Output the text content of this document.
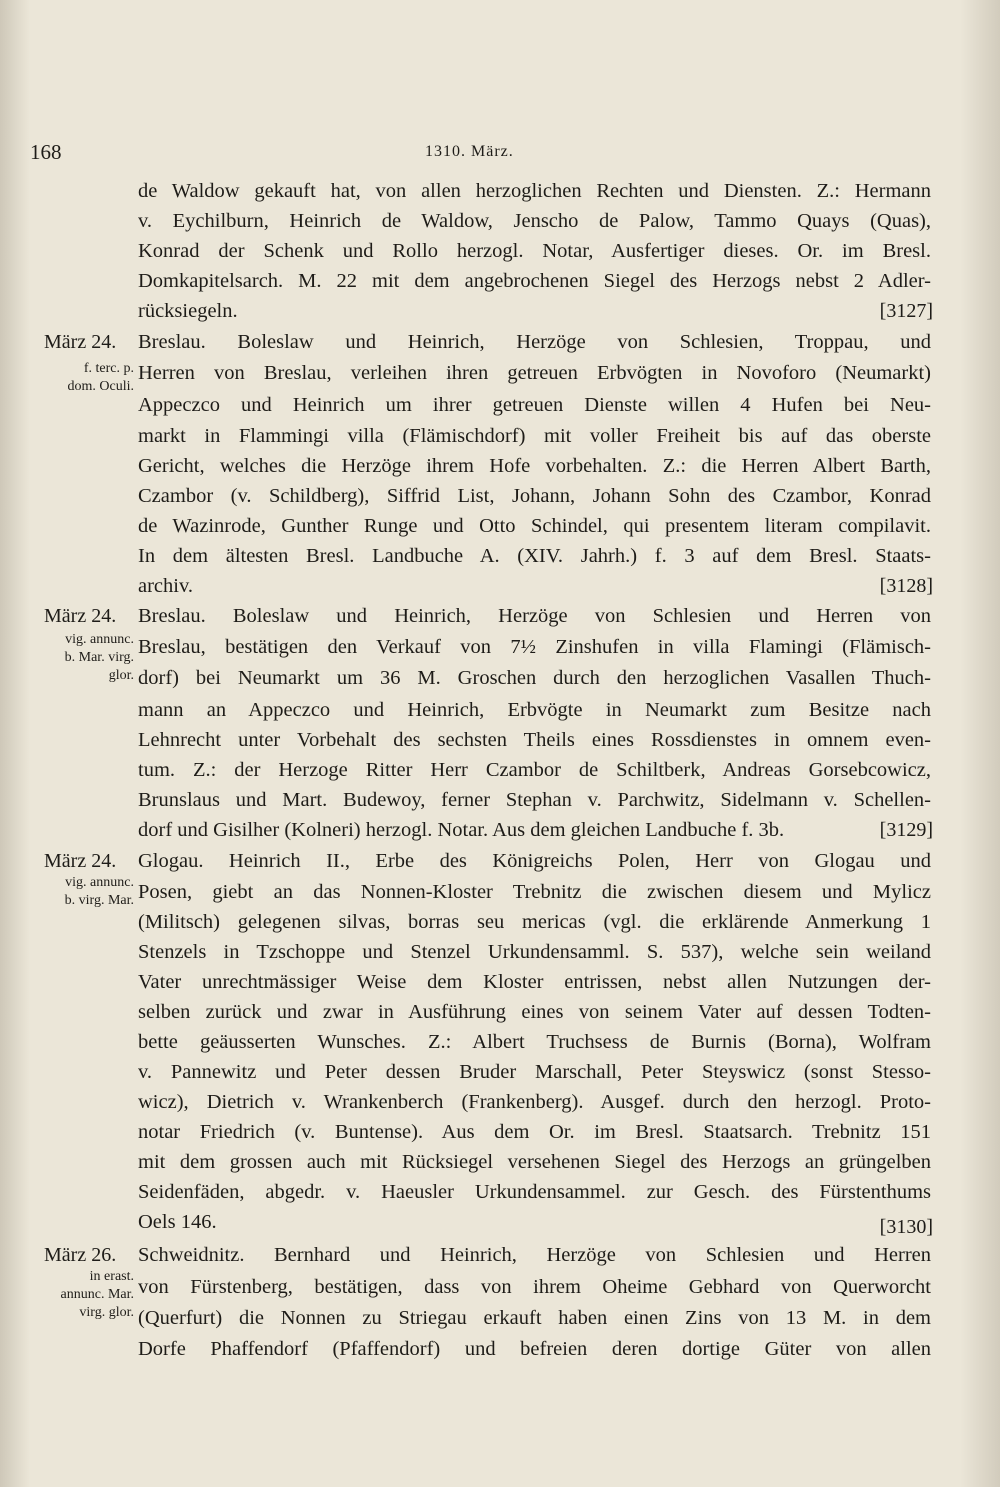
168	1310. März.
de Waldow gekauft hat, von allen herzoglichen Rechten und Diensten. Z.: Hermann
v. Eychilburn, Heinrich de Waldow, Jenscho de Palow, Tammo Quays (Quas),
Konrad der Schenk und Rollo herzogl. Notar, Ausfertiger dieses. Or. im Bresl.
Domkapitelsarch. M. 22 mit dem angebrochenen Siegel des Herzogs nebst 2 Adler-
rücksiegeln.	[3127]
März 24.	Breslau. Boleslaw und Heinrich, Herzöge von Schlesien, Troppau, und
f. terc. p. Herren von Breslau, verleihen ihren getreuen Erbvögten in Novoforo (Neumarkt)
dom. Oculi.
Appeczco und Heinrich um ihrer getreuen Dienste willen 4 Hufen bei Neu-
markt in Flammingi villa (Flämischdorf) mit voller Freiheit bis auf das oberste
Gericht, welches die Herzöge ihrem Hofe vorbehalten. Z.: die Herren Albert Barth,
Czambor (v. Schildberg), Siffrid List, Johann, Johann Sohn des Czambor, Konrad
de Wazinrode, Gunther Runge und Otto Schindel, qui presentem literam compilavit.
In dem ältesten Bresl. Landbuche A. (XIV. Jahrh.) f. 3 auf dem Bresl. Staats-
archiv.	[3128]
März 24.	Breslau. Boleslaw und Heinrich, Herzöge von Schlesien und Herren von
vig. annunc. Breslau, bestätigen den Verkauf von 7½ Zinshufen in villa Flamingi (Flämisch-
b. Mar. virg.
dorf) bei Neumarkt um 36 M. Groschen durch den herzoglichen Vasallen Thuch-
glor.
mann an Appeczco und Heinrich, Erbvögte in Neumarkt zum Besitze nach
Lehnrecht unter Vorbehalt des sechsten Theils eines Rossdienstes in omnem even-
tum. Z.: der Herzoge Ritter Herr Czambor de Schiltberk, Andreas Gorsebcowicz,
Brunslaus und Mart. Budewoy, ferner Stephan v. Parchwitz, Sidelmann v. Schellen-
dorf und Gisilher (Kolneri) herzogl. Notar. Aus dem gleichen Landbuche f. 3b.	[3129]
März 24.	Glogau. Heinrich II., Erbe des Königreichs Polen, Herr von Glogau und
vig. annunc. Posen, giebt an das Nonnen-Kloster Trebnitz die zwischen diesem und Mylicz
b. virg. Mar.
(Militsch) gelegenen silvas, borras seu mericas (vgl. die erklärende Anmerkung 1
Stenzels in Tzschoppe und Stenzel Urkundensamml. S. 537), welche sein weiland
Vater unrechtmässiger Weise dem Kloster entrissen, nebst allen Nutzungen der-
selben zurück und zwar in Ausführung eines von seinem Vater auf dessen Todten-
bette geäusserten Wunsches. Z.: Albert Truchsess de Burnis (Borna), Wolfram
v. Pannewitz und Peter dessen Bruder Marschall, Peter Steyswicz (sonst Stesso-
wicz), Dietrich v. Wrankenberch (Frankenberg). Ausgef. durch den herzogl. Proto-
notar Friedrich (v. Buntense). Aus dem Or. im Bresl. Staatsarch. Trebnitz 151
mit dem grossen auch mit Rücksiegel versehenen Siegel des Herzogs an grüngelben
Seidenfäden, abgedr. v. Haeusler Urkundensammel. zur Gesch. des Fürstenthums
Oels 146.	[3130]
März 26.	Schweidnitz. Bernhard und Heinrich, Herzöge von Schlesien und Herren
in erast. von Fürstenberg, bestätigen, dass von ihrem Oheime Gebhard von Querworcht
annunc. Mar.
virg. glor. (Querfurt) die Nonnen zu Striegau erkauft haben einen Zins von 13 M. in dem
Dorfe Phaffendorf (Pfaffendorf) und befreien deren dortige Güter von allen
